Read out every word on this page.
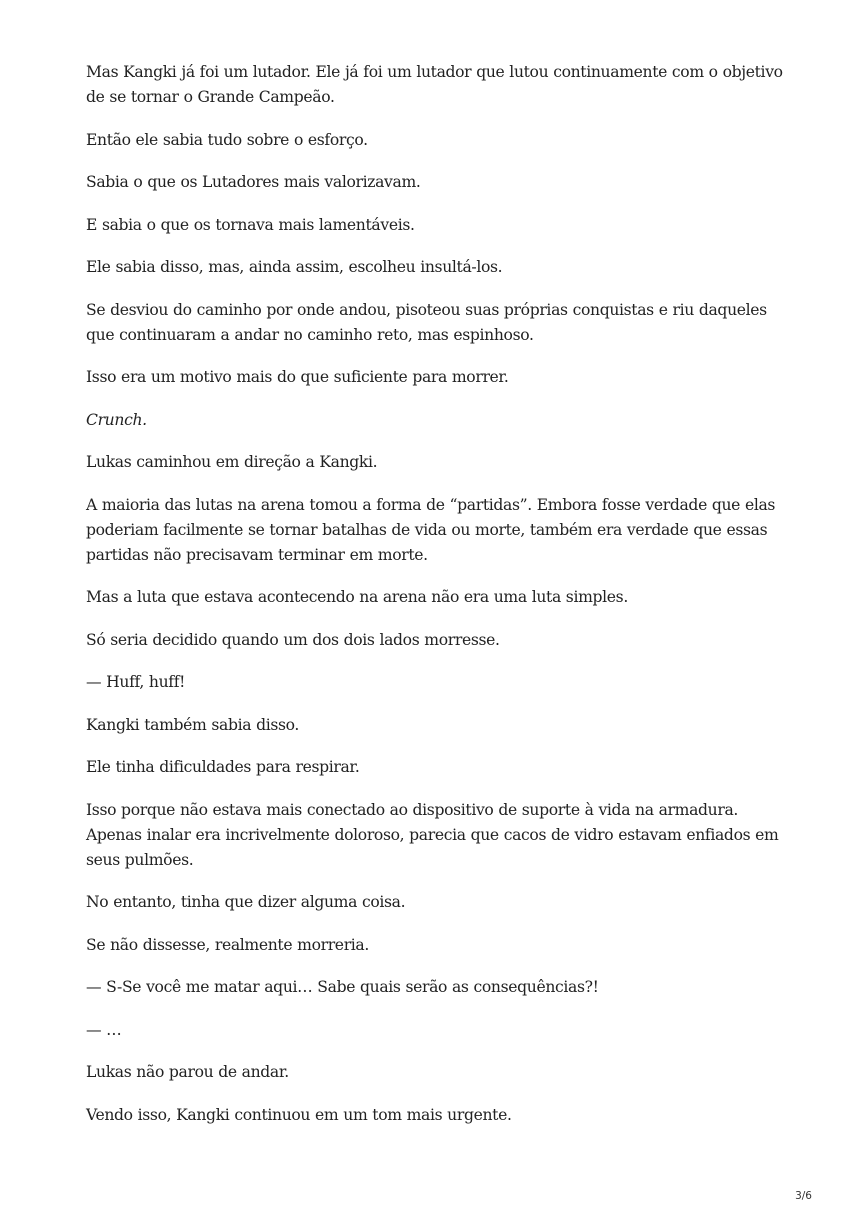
Mas Kangki já foi um lutador. Ele já foi um lutador que lutou continuamente com o objetivo de se tornar o Grande Campeão.

Então ele sabia tudo sobre o esforço.

Sabia o que os Lutadores mais valorizavam.

E sabia o que os tornava mais lamentáveis.

Ele sabia disso, mas, ainda assim, escolheu insultá-los.

Se desviou do caminho por onde andou, pisoteou suas próprias conquistas e riu daqueles que continuaram a andar no caminho reto, mas espinhoso.

Isso era um motivo mais do que suficiente para morrer.

Crunch.

Lukas caminhou em direção a Kangki.

A maioria das lutas na arena tomou a forma de “partidas”. Embora fosse verdade que elas poderiam facilmente se tornar batalhas de vida ou morte, também era verdade que essas partidas não precisavam terminar em morte.

Mas a luta que estava acontecendo na arena não era uma luta simples.

Só seria decidido quando um dos dois lados morresse.

— Huff, huff!

Kangki também sabia disso.

Ele tinha dificuldades para respirar.

Isso porque não estava mais conectado ao dispositivo de suporte à vida na armadura. Apenas inalar era incrivelmente doloroso, parecia que cacos de vidro estavam enfiados em seus pulmões.

No entanto, tinha que dizer alguma coisa.

Se não dissesse, realmente morreria.

— S-Se você me matar aqui… Sabe quais serão as consequências?!

— …

Lukas não parou de andar.

Vendo isso, Kangki continuou em um tom mais urgente.

3/6
